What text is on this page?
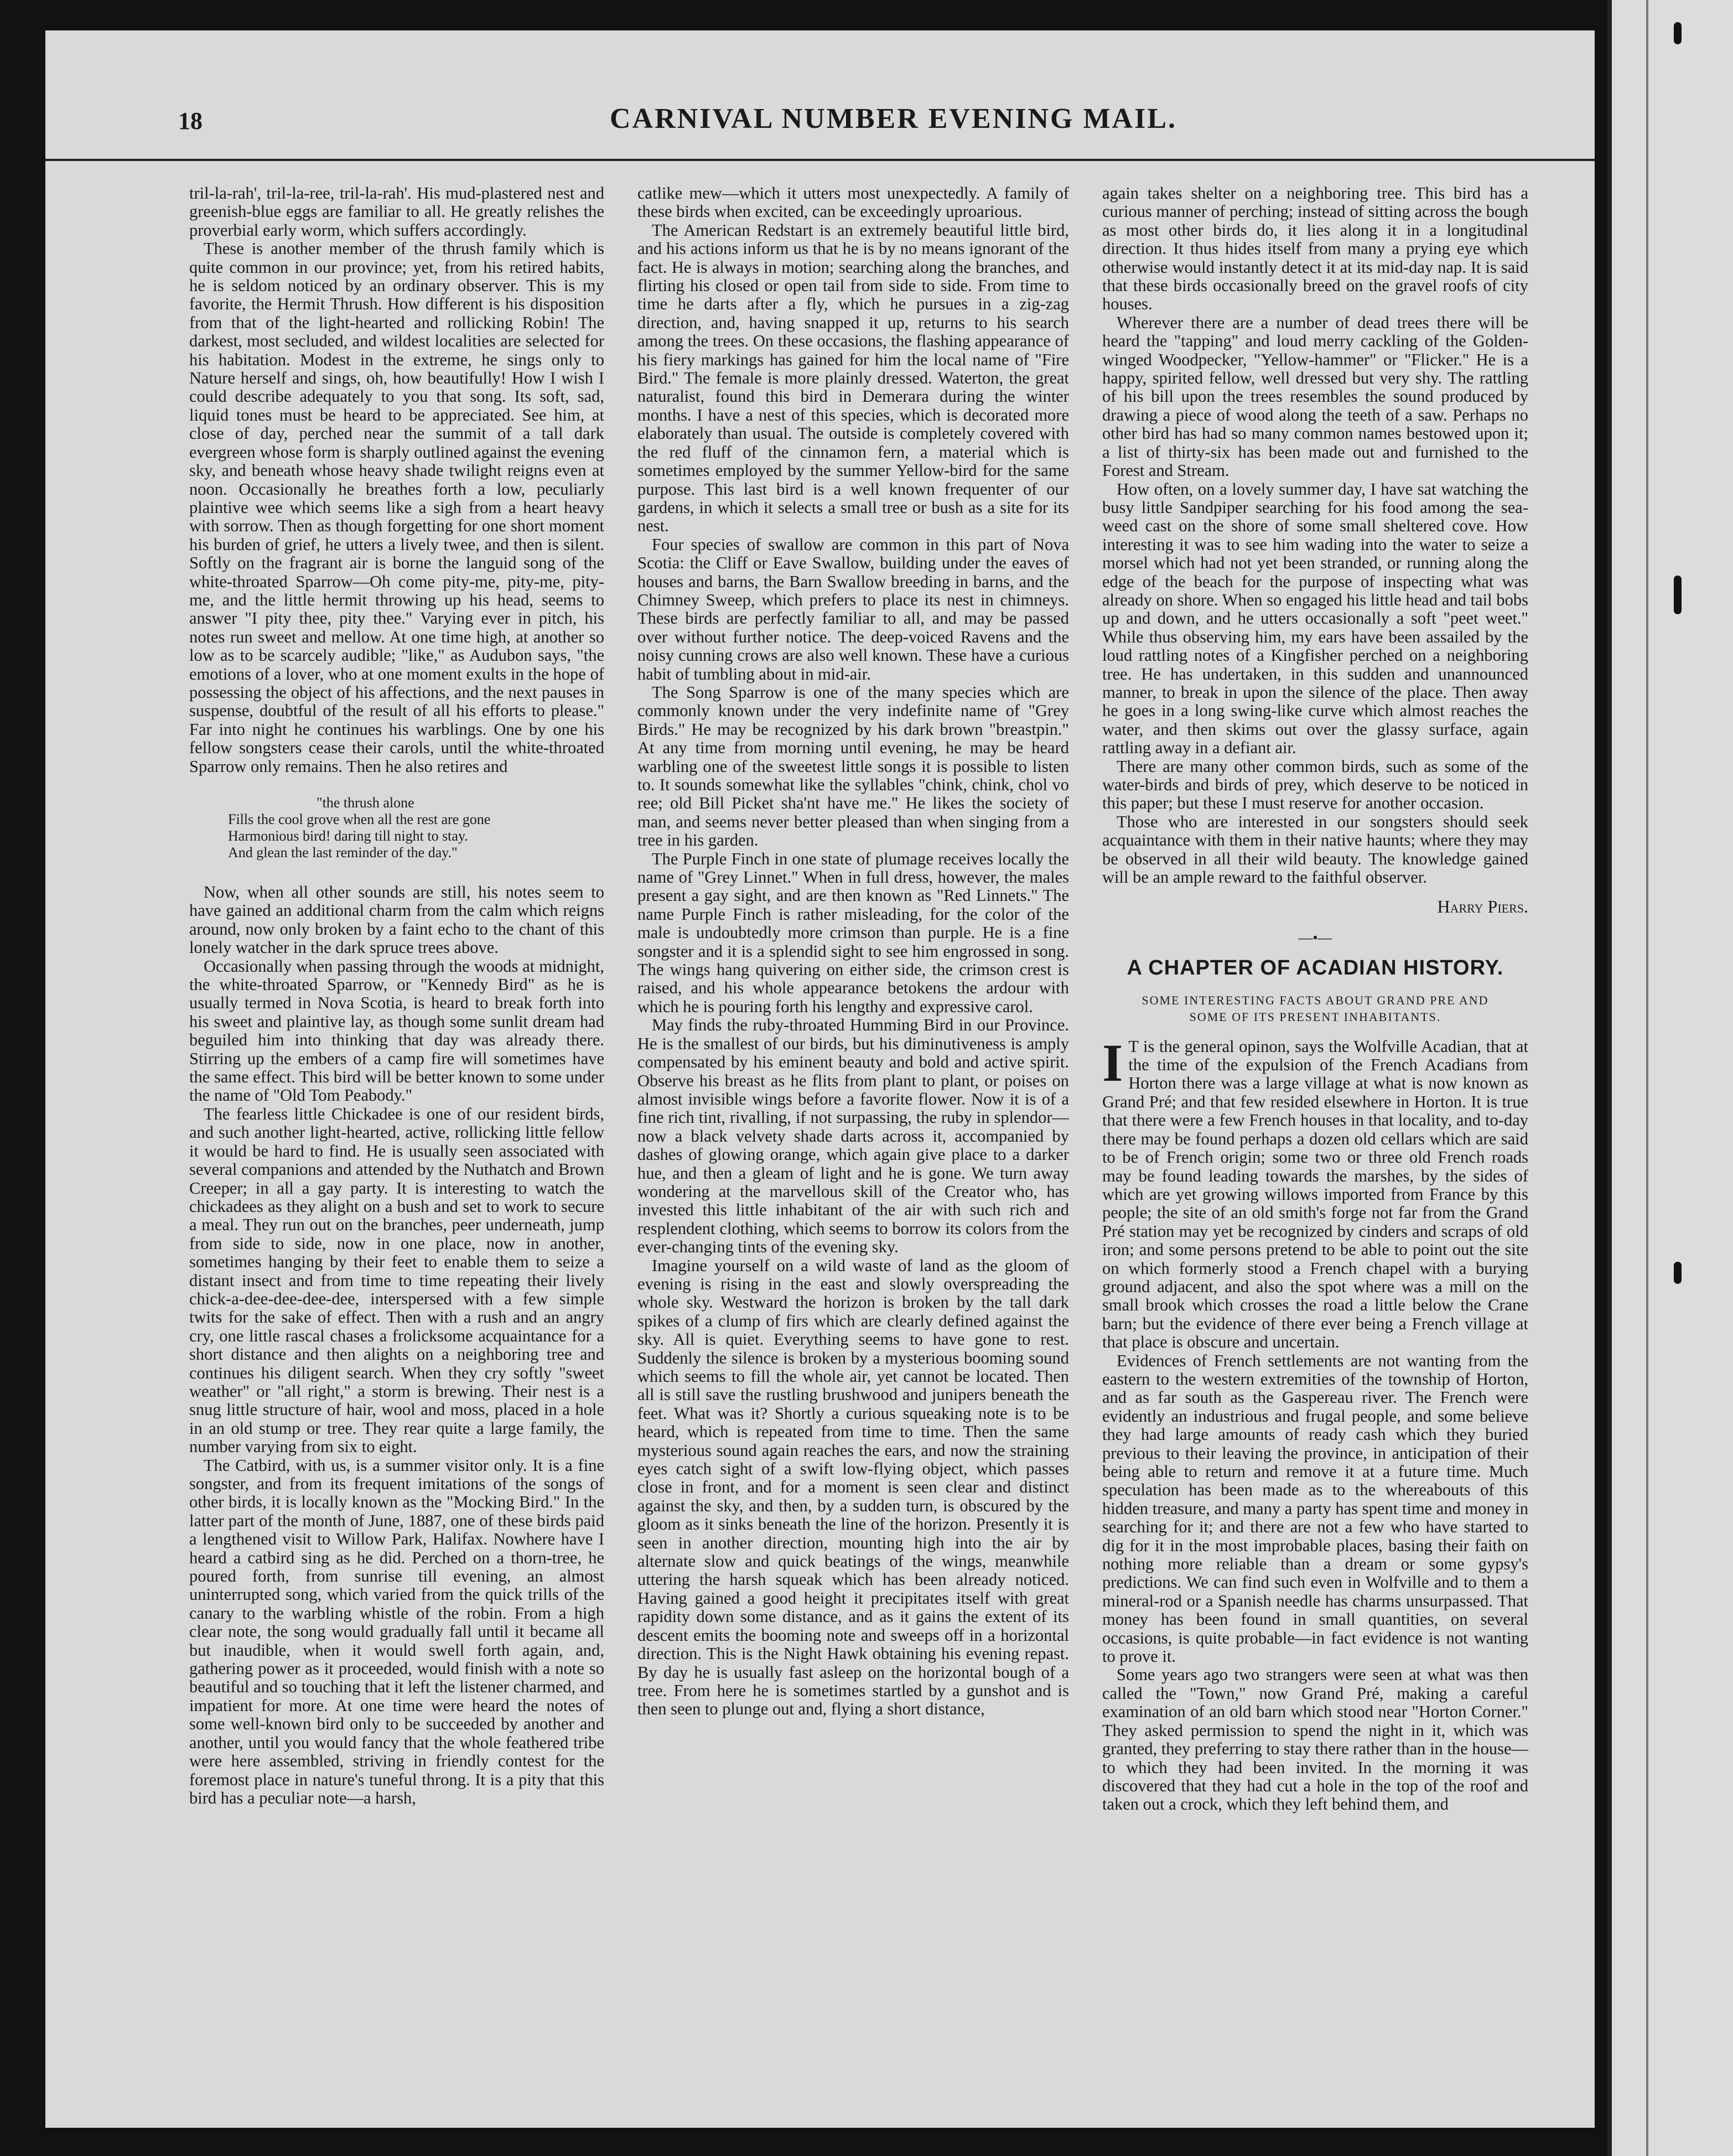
18	CARNIVAL NUMBER EVENING MAIL.

tril-la-rah', tril-la-ree, tril-la-rah'. His mud-plastered nest and greenish-blue eggs are familiar to all. He greatly relishes the proverbial early worm, which suffers accordingly.

These is another member of the thrush family which is quite common in our province; yet, from his retired habits, he is seldom noticed by an ordinary observer. This is my favorite, the Hermit Thrush. How different is his disposition from that of the light-hearted and rollicking Robin! The darkest, most secluded, and wildest localities are selected for his habitation. Modest in the extreme, he sings only to Nature herself and sings, oh, how beautifully! How I wish I could describe adequately to you that song. Its soft, sad, liquid tones must be heard to be appreciated. See him, at close of day, perched near the summit of a tall dark evergreen whose form is sharply outlined against the evening sky, and beneath whose heavy shade twilight reigns even at noon. Occasionally he breathes forth a low, peculiarly plaintive wee which seems like a sigh from a heart heavy with sorrow. Then as though forgetting for one short moment his burden of grief, he utters a lively twee, and then is silent. Softly on the fragrant air is borne the languid song of the white-throated Sparrow—Oh come pity-me, pity-me, pity-me, and the little hermit throwing up his head, seems to answer "I pity thee, pity thee." Varying ever in pitch, his notes run sweet and mellow. At one time high, at another so low as to be scarcely audible; "like," as Audubon says, "the emotions of a lover, who at one moment exults in the hope of possessing the object of his affections, and the next pauses in suspense, doubtful of the result of all his efforts to please." Far into night he continues his warblings. One by one his fellow songsters cease their carols, until the white-throated Sparrow only remains. Then he also retires and

"the thrush alone
Fills the cool grove when all the rest are gone
Harmonious bird! daring till night to stay.
And glean the last reminder of the day."

Now, when all other sounds are still, his notes seem to have gained an additional charm from the calm which reigns around, now only broken by a faint echo to the chant of this lonely watcher in the dark spruce trees above.

Occasionally when passing through the woods at midnight, the white-throated Sparrow, or "Kennedy Bird" as he is usually termed in Nova Scotia, is heard to break forth into his sweet and plaintive lay, as though some sunlit dream had beguiled him into thinking that day was already there. Stirring up the embers of a camp fire will sometimes have the same effect. This bird will be better known to some under the name of "Old Tom Peabody."

The fearless little Chickadee is one of our resident birds, and such another light-hearted, active, rollicking little fellow it would be hard to find. He is usually seen associated with several companions and attended by the Nuthatch and Brown Creeper; in all a gay party. It is interesting to watch the chickadees as they alight on a bush and set to work to secure a meal. They run out on the branches, peer underneath, jump from side to side, now in one place, now in another, sometimes hanging by their feet to enable them to seize a distant insect and from time to time repeating their lively chick-a-dee-dee-dee-dee, interspersed with a few simple twits for the sake of effect. Then with a rush and an angry cry, one little rascal chases a frolicksome acquaintance for a short distance and then alights on a neighboring tree and continues his diligent search. When they cry softly "sweet weather" or "all right," a storm is brewing. Their nest is a snug little structure of hair, wool and moss, placed in a hole in an old stump or tree. They rear quite a large family, the number varying from six to eight.

The Catbird, with us, is a summer visitor only. It is a fine songster, and from its frequent imitations of the songs of other birds, it is locally known as the "Mocking Bird." In the latter part of the month of June, 1887, one of these birds paid a lengthened visit to Willow Park, Halifax. Nowhere have I heard a catbird sing as he did. Perched on a thorn-tree, he poured forth, from sunrise till evening, an almost uninterrupted song, which varied from the quick trills of the canary to the warbling whistle of the robin. From a high clear note, the song would gradually fall until it became all but inaudible, when it would swell forth again, and, gathering power as it proceeded, would finish with a note so beautiful and so touching that it left the listener charmed, and impatient for more. At one time were heard the notes of some well-known bird only to be succeeded by another and another, until you would fancy that the whole feathered tribe were here assembled, striving in friendly contest for the foremost place in nature's tuneful throng. It is a pity that this bird has a peculiar note—a harsh,

catlike mew—which it utters most unexpectedly. A family of these birds when excited, can be exceedingly uproarious.

The American Redstart is an extremely beautiful little bird, and his actions inform us that he is by no means ignorant of the fact. He is always in motion; searching along the branches, and flirting his closed or open tail from side to side. From time to time he darts after a fly, which he pursues in a zig-zag direction, and, having snapped it up, returns to his search among the trees. On these occasions, the flashing appearance of his fiery markings has gained for him the local name of "Fire Bird." The female is more plainly dressed. Waterton, the great naturalist, found this bird in Demerara during the winter months. I have a nest of this species, which is decorated more elaborately than usual. The outside is completely covered with the red fluff of the cinnamon fern, a material which is sometimes employed by the summer Yellow-bird for the same purpose. This last bird is a well known frequenter of our gardens, in which it selects a small tree or bush as a site for its nest.

Four species of swallow are common in this part of Nova Scotia: the Cliff or Eave Swallow, building under the eaves of houses and barns, the Barn Swallow breeding in barns, and the Chimney Sweep, which prefers to place its nest in chimneys. These birds are perfectly familiar to all, and may be passed over without further notice. The deep-voiced Ravens and the noisy cunning crows are also well known. These have a curious habit of tumbling about in mid-air.

The Song Sparrow is one of the many species which are commonly known under the very indefinite name of "Grey Birds." He may be recognized by his dark brown "breastpin." At any time from morning until evening, he may be heard warbling one of the sweetest little songs it is possible to listen to. It sounds somewhat like the syllables "chink, chink, chol vo ree; old Bill Picket sha'nt have me." He likes the society of man, and seems never better pleased than when singing from a tree in his garden.

The Purple Finch in one state of plumage receives locally the name of "Grey Linnet." When in full dress, however, the males present a gay sight, and are then known as "Red Linnets." The name Purple Finch is rather misleading, for the color of the male is undoubtedly more crimson than purple. He is a fine songster and it is a splendid sight to see him engrossed in song. The wings hang quivering on either side, the crimson crest is raised, and his whole appearance betokens the ardour with which he is pouring forth his lengthy and expressive carol.

May finds the ruby-throated Humming Bird in our Province. He is the smallest of our birds, but his diminutiveness is amply compensated by his eminent beauty and bold and active spirit. Observe his breast as he flits from plant to plant, or poises on almost invisible wings before a favorite flower. Now it is of a fine rich tint, rivalling, if not surpassing, the ruby in splendor—now a black velvety shade darts across it, accompanied by dashes of glowing orange, which again give place to a darker hue, and then a gleam of light and he is gone. We turn away wondering at the marvellous skill of the Creator who, has invested this little inhabitant of the air with such rich and resplendent clothing, which seems to borrow its colors from the ever-changing tints of the evening sky.

Imagine yourself on a wild waste of land as the gloom of evening is rising in the east and slowly overspreading the whole sky. Westward the horizon is broken by the tall dark spikes of a clump of firs which are clearly defined against the sky. All is quiet. Everything seems to have gone to rest. Suddenly the silence is broken by a mysterious booming sound which seems to fill the whole air, yet cannot be located. Then all is still save the rustling brushwood and junipers beneath the feet. What was it? Shortly a curious squeaking note is to be heard, which is repeated from time to time. Then the same mysterious sound again reaches the ears, and now the straining eyes catch sight of a swift low-flying object, which passes close in front, and for a moment is seen clear and distinct against the sky, and then, by a sudden turn, is obscured by the gloom as it sinks beneath the line of the horizon. Presently it is seen in another direction, mounting high into the air by alternate slow and quick beatings of the wings, meanwhile uttering the harsh squeak which has been already noticed. Having gained a good height it precipitates itself with great rapidity down some distance, and as it gains the extent of its descent emits the booming note and sweeps off in a horizontal direction. This is the Night Hawk obtaining his evening repast. By day he is usually fast asleep on the horizontal bough of a tree. From here he is sometimes startled by a gunshot and is then seen to plunge out and, flying a short distance,

again takes shelter on a neighboring tree. This bird has a curious manner of perching; instead of sitting across the bough as most other birds do, it lies along it in a longitudinal direction. It thus hides itself from many a prying eye which otherwise would instantly detect it at its mid-day nap. It is said that these birds occasionally breed on the gravel roofs of city houses.

Wherever there are a number of dead trees there will be heard the "tapping" and loud merry cackling of the Golden-winged Woodpecker, "Yellow-hammer" or "Flicker." He is a happy, spirited fellow, well dressed but very shy. The rattling of his bill upon the trees resembles the sound produced by drawing a piece of wood along the teeth of a saw. Perhaps no other bird has had so many common names bestowed upon it; a list of thirty-six has been made out and furnished to the Forest and Stream.

How often, on a lovely summer day, I have sat watching the busy little Sandpiper searching for his food among the sea-weed cast on the shore of some small sheltered cove. How interesting it was to see him wading into the water to seize a morsel which had not yet been stranded, or running along the edge of the beach for the purpose of inspecting what was already on shore. When so engaged his little head and tail bobs up and down, and he utters occasionally a soft "peet weet." While thus observing him, my ears have been assailed by the loud rattling notes of a Kingfisher perched on a neighboring tree. He has undertaken, in this sudden and unannounced manner, to break in upon the silence of the place. Then away he goes in a long swing-like curve which almost reaches the water, and then skims out over the glassy surface, again rattling away in a defiant air.

There are many other common birds, such as some of the water-birds and birds of prey, which deserve to be noticed in this paper; but these I must reserve for another occasion.

Those who are interested in our songsters should seek acquaintance with them in their native haunts; where they may be observed in all their wild beauty. The knowledge gained will be an ample reward to the faithful observer.

Harry Piers.

—•—
A CHAPTER OF ACADIAN HISTORY.
SOME INTERESTING FACTS ABOUT GRAND PRE AND
SOME OF ITS PRESENT INHABITANTS.

I T is the general opinon, says the Wolfville Acadian, that at the time of the expulsion of the French Acadians from Horton there was a large village at what is now known as Grand Pré; and that few resided elsewhere in Horton. It is true that there were a few French houses in that locality, and to-day there may be found perhaps a dozen old cellars which are said to be of French origin; some two or three old French roads may be found leading towards the marshes, by the sides of which are yet growing willows imported from France by this people; the site of an old smith's forge not far from the Grand Pré station may yet be recognized by cinders and scraps of old iron; and some persons pretend to be able to point out the site on which formerly stood a French chapel with a burying ground adjacent, and also the spot where was a mill on the small brook which crosses the road a little below the Crane barn; but the evidence of there ever being a French village at that place is obscure and uncertain.

Evidences of French settlements are not wanting from the eastern to the western extremities of the township of Horton, and as far south as the Gaspereau river. The French were evidently an industrious and frugal people, and some believe they had large amounts of ready cash which they buried previous to their leaving the province, in anticipation of their being able to return and remove it at a future time. Much speculation has been made as to the whereabouts of this hidden treasure, and many a party has spent time and money in searching for it; and there are not a few who have started to dig for it in the most improbable places, basing their faith on nothing more reliable than a dream or some gypsy's predictions. We can find such even in Wolfville and to them a mineral-rod or a Spanish needle has charms unsurpassed. That money has been found in small quantities, on several occasions, is quite probable—in fact evidence is not wanting to prove it.

Some years ago two strangers were seen at what was then called the "Town," now Grand Pré, making a careful examination of an old barn which stood near "Horton Corner." They asked permission to spend the night in it, which was granted, they preferring to stay there rather than in the house—to which they had been invited. In the morning it was discovered that they had cut a hole in the top of the roof and taken out a crock, which they left behind them, and
